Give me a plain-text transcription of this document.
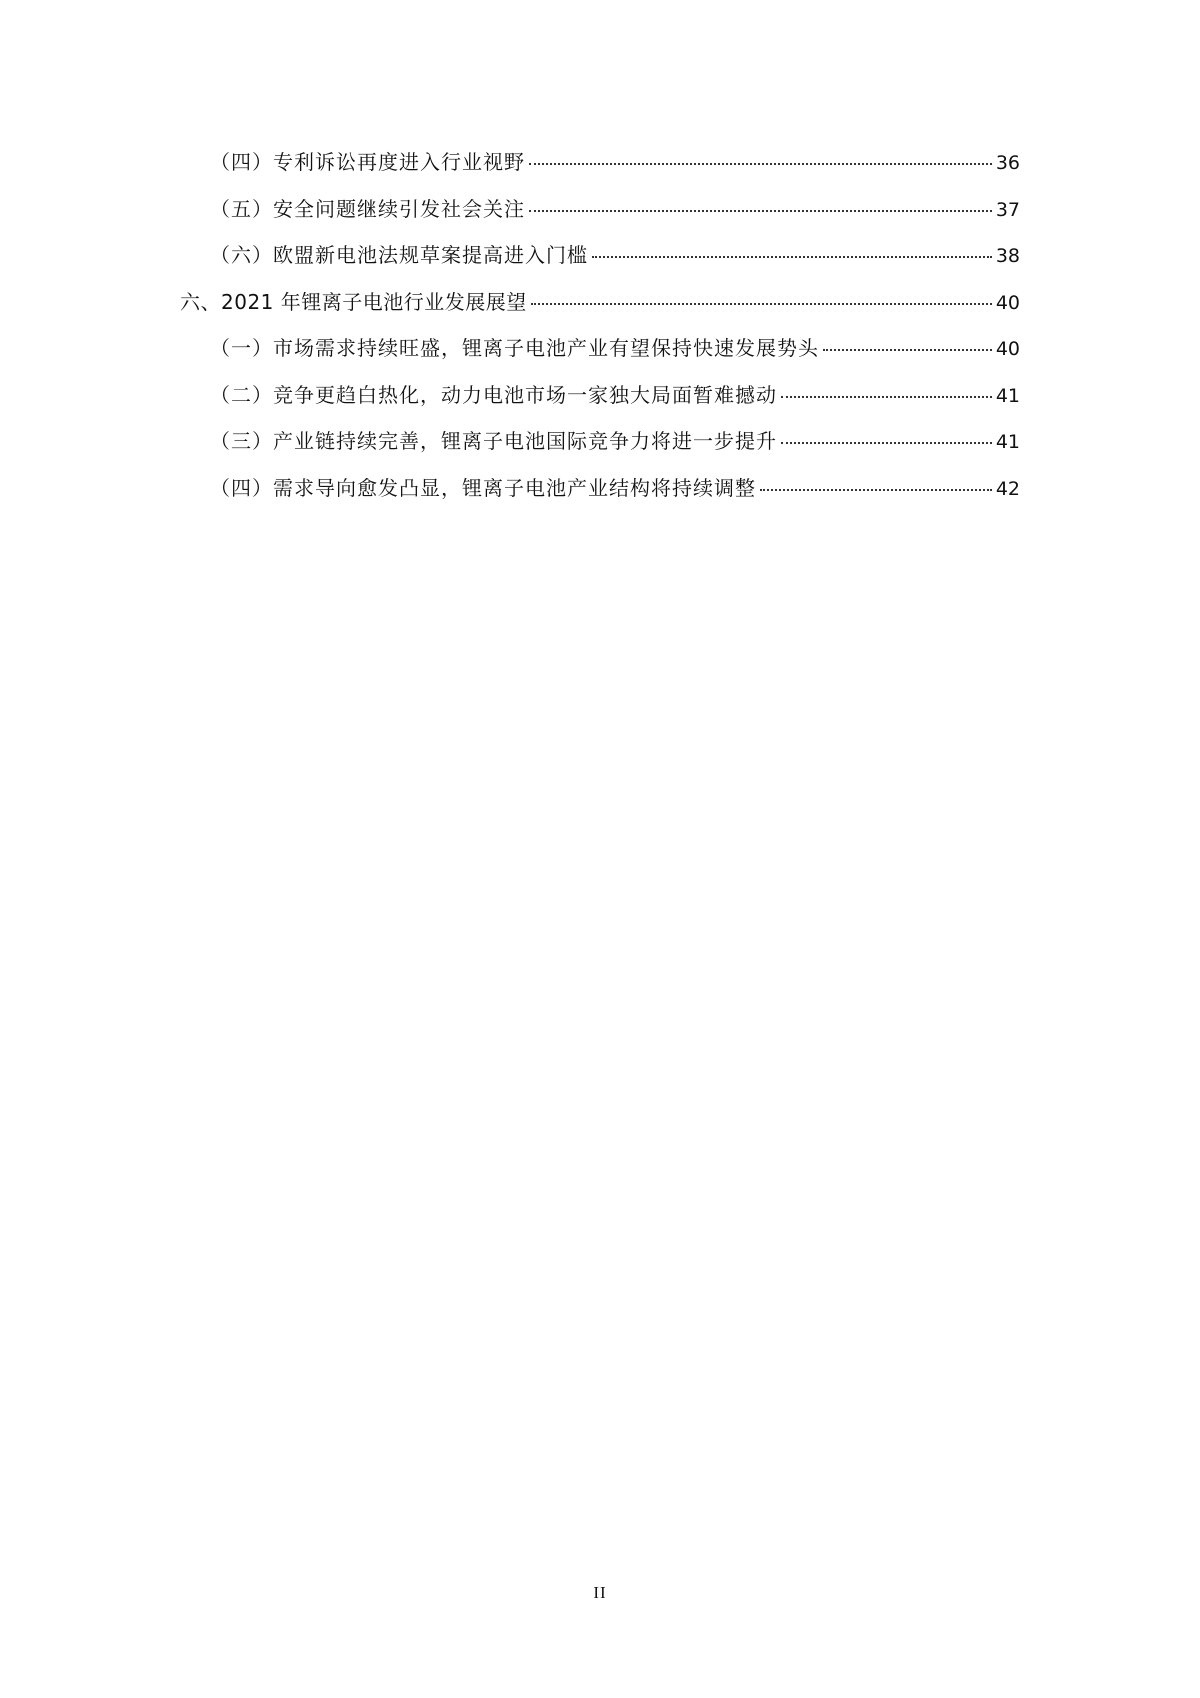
（四）专利诉讼再度进入行业视野	36
（五）安全问题继续引发社会关注	37
（六）欧盟新电池法规草案提高进入门槛	38
六、2021 年锂离子电池行业发展展望	40
（一）市场需求持续旺盛，锂离子电池产业有望保持快速发展势头	40
（二）竞争更趋白热化，动力电池市场一家独大局面暂难撼动	41
（三）产业链持续完善，锂离子电池国际竞争力将进一步提升	41
（四）需求导向愈发凸显，锂离子电池产业结构将持续调整	42
II
